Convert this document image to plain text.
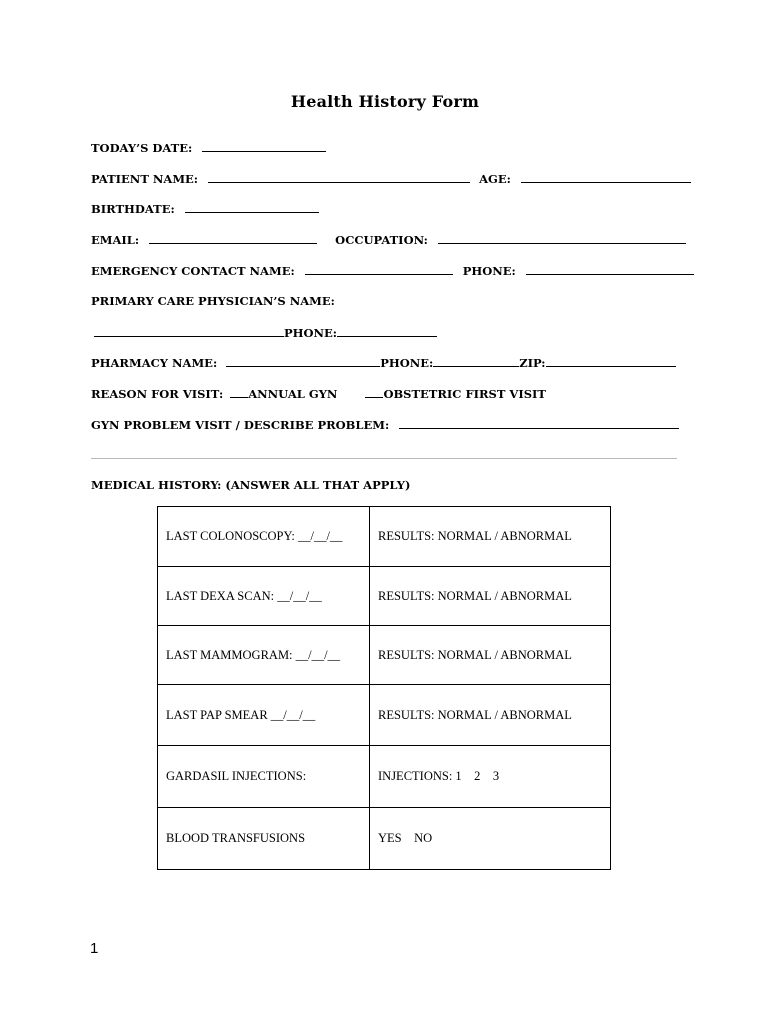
Health History Form
TODAY’S DATE:
PATIENT NAME:	AGE:
BIRTHDATE:
EMAIL:	OCCUPATION:
EMERGENCY CONTACT NAME:	PHONE:
PRIMARY CARE PHYSICIAN’S NAME:
PHONE:
PHARMACY NAME:	PHONE:	ZIP:
REASON FOR VISIT: ANNUAL GYN	OBSTETRIC FIRST VISIT
GYN PROBLEM VISIT / DESCRIBE PROBLEM:
MEDICAL HISTORY: (ANSWER ALL THAT APPLY)
LAST COLONOSCOPY: __/__/__	RESULTS: NORMAL / ABNORMAL
LAST DEXA SCAN: __/__/__	RESULTS: NORMAL / ABNORMAL
LAST MAMMOGRAM: __/__/__	RESULTS: NORMAL / ABNORMAL
LAST PAP SMEAR __/__/__	RESULTS: NORMAL / ABNORMAL
GARDASIL INJECTIONS:	INJECTIONS: 1    2    3
BLOOD TRANSFUSIONS	YES    NO
1
